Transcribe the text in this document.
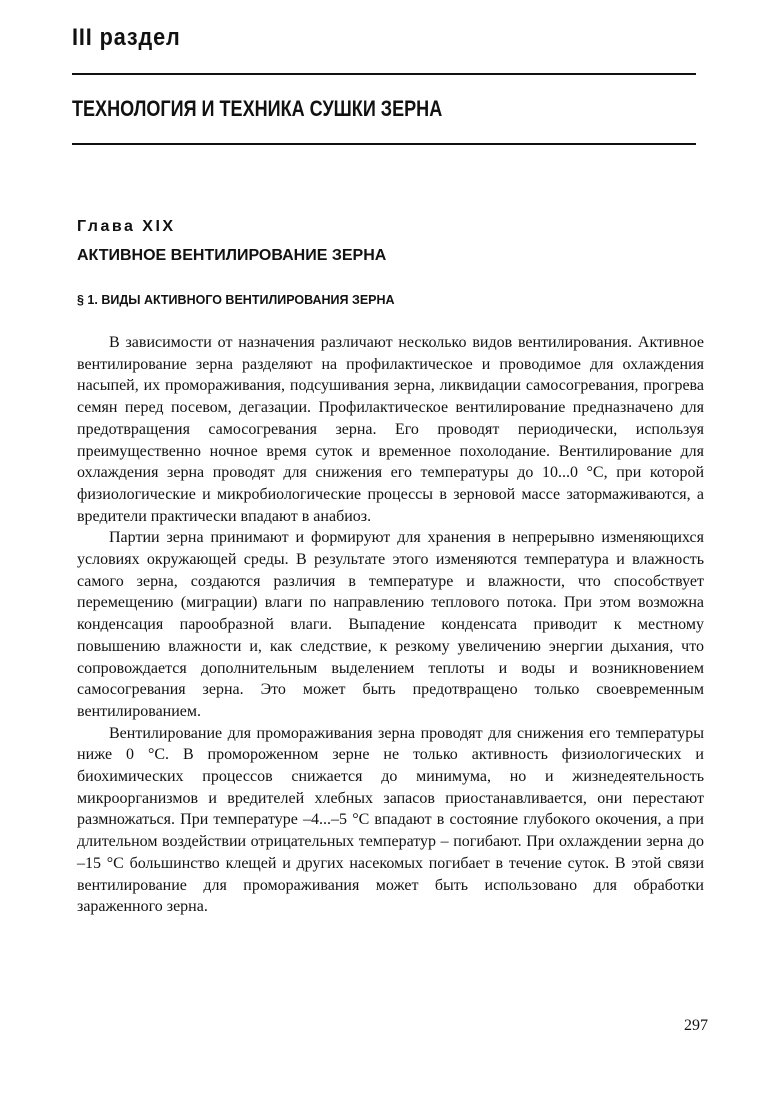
III раздел
ТЕХНОЛОГИЯ И ТЕХНИКА СУШКИ ЗЕРНА
Глава XIX
АКТИВНОЕ ВЕНТИЛИРОВАНИЕ ЗЕРНА
§ 1. ВИДЫ АКТИВНОГО ВЕНТИЛИРОВАНИЯ ЗЕРНА

В зависимости от назначения различают несколько видов вентилирования. Активное вентилирование зерна разделяют на профилактическое и проводимое для охлаждения насыпей, их промораживания, подсушивания зерна, ликвидации самосогревания, прогрева семян перед посевом, дегазации. Профилактическое вентилирование предназначено для предотвращения самосогревания зерна. Его проводят периодически, используя преимущественно ночное время суток и временное похолодание. Вентилирование для охлаждения зерна проводят для снижения его температуры до 10...0 °С, при которой физиологические и микробиологические процессы в зерновой массе затормаживаются, а вредители практически впадают в анабиоз.

Партии зерна принимают и формируют для хранения в непрерывно изменяющихся условиях окружающей среды. В результате этого изменяются температура и влажность самого зерна, создаются различия в температуре и влажности, что способствует перемещению (миграции) влаги по направлению теплового потока. При этом возможна конденсация парообразной влаги. Выпадение конденсата приводит к местному повышению влажности и, как следствие, к резкому увеличению энергии дыхания, что сопровождается дополнительным выделением теплоты и воды и возникновением самосогревания зерна. Это может быть предотвращено только своевременным вентилированием.

Вентилирование для промораживания зерна проводят для снижения его температуры ниже 0 °С. В промороженном зерне не только активность физиологических и биохимических процессов снижается до минимума, но и жизнедеятельность микроорганизмов и вредителей хлебных запасов приостанавливается, они перестают размножаться. При температуре –4...–5 °С впадают в состояние глубокого окочения, а при длительном воздействии отрицательных температур – погибают. При охлаждении зерна до –15 °С большинство клещей и других насекомых погибает в течение суток. В этой связи вентилирование для промораживания может быть использовано для обработки зараженного зерна.

297
